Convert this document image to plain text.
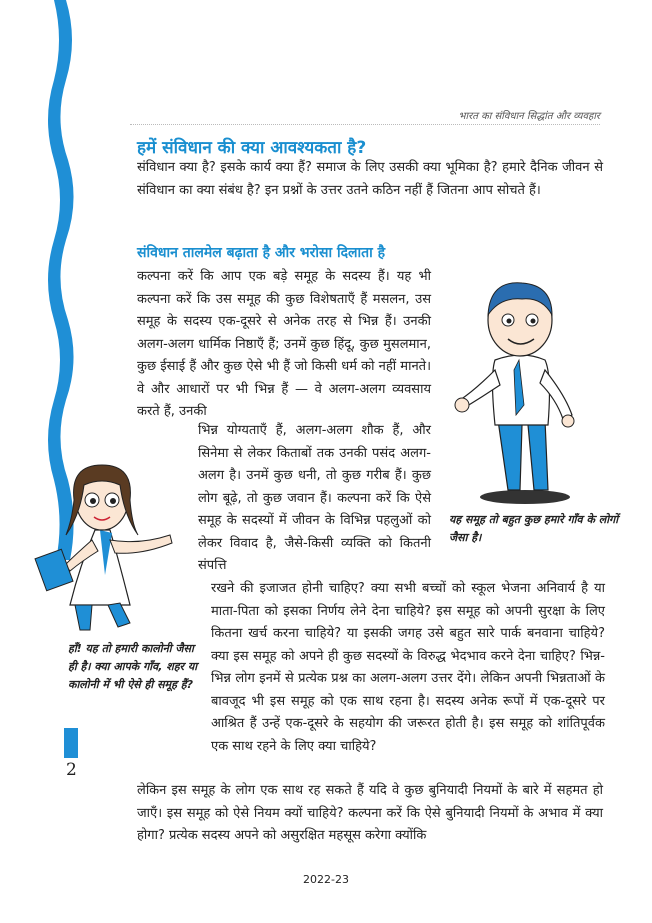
भारत का संविधान सिद्धांत और व्यवहार
हमें संविधान की क्या आवश्यकता है?
संविधान क्या है? इसके कार्य क्या हैं? समाज के लिए उसकी क्या भूमिका है? हमारे दैनिक जीवन से संविधान का क्या संबंध है? इन प्रश्नों के उत्तर उतने कठिन नहीं हैं जितना आप सोचते हैं।
संविधान तालमेल बढ़ाता है और भरोसा दिलाता है
कल्पना करें कि आप एक बड़े समूह के सदस्य हैं। यह भी कल्पना करें कि उस समूह की कुछ विशेषताएँ हैं मसलन, उस समूह के सदस्य एक-दूसरे से अनेक तरह से भिन्न हैं। उनकी अलग-अलग धार्मिक निष्ठाएँ हैं; उनमें कुछ हिंदू, कुछ मुसलमान, कुछ ईसाई हैं और कुछ ऐसे भी हैं जो किसी धर्म को नहीं मानते। वे और आधारों पर भी भिन्न हैं — वे अलग-अलग व्यवसाय करते हैं, उनकी
भिन्न योग्यताएँ हैं, अलग-अलग शौक हैं, और सिनेमा से लेकर किताबों तक उनकी पसंद अलग-अलग है। उनमें कुछ धनी, तो कुछ गरीब हैं। कुछ लोग बूढ़े, तो कुछ जवान हैं। कल्पना करें कि ऐसे समूह के सदस्यों में जीवन के विभिन्न पहलुओं को लेकर विवाद है, जैसे-किसी व्यक्ति को कितनी संपत्ति
रखने की इजाजत होनी चाहिए? क्या सभी बच्चों को स्कूल भेजना अनिवार्य है या माता-पिता को इसका निर्णय लेने देना चाहिये? इस समूह को अपनी सुरक्षा के लिए कितना खर्च करना चाहिये? या इसकी जगह उसे बहुत सारे पार्क बनवाना चाहिये? क्या इस समूह को अपने ही कुछ सदस्यों के विरुद्ध भेदभाव करने देना चाहिए? भिन्न-भिन्न लोग इनमें से प्रत्येक प्रश्न का अलग-अलग उत्तर देंगे। लेकिन अपनी भिन्नताओं के बावजूद भी इस समूह को एक साथ रहना है। सदस्य अनेक रूपों में एक-दूसरे पर आश्रित हैं उन्हें एक-दूसरे के सहयोग की जरूरत होती है। इस समूह को शांतिपूर्वक एक साथ रहने के लिए क्या चाहिये?
लेकिन इस समूह के लोग एक साथ रह सकते हैं यदि वे कुछ बुनियादी नियमों के बारे में सहमत हो जाएँ। इस समूह को ऐसे नियम क्यों चाहिये? कल्पना करें कि ऐसे बुनियादी नियमों के अभाव में क्या होगा? प्रत्येक सदस्य अपने को असुरक्षित महसूस करेगा क्योंकि
यह समूह तो बहुत कुछ हमारे गाँव के लोगों जैसा है।
हाँ! यह तो हमारी कालोनी जैसा ही है। क्या आपके गाँव, शहर या कालोनी में भी ऐसे ही समूह हैं?
2
2022-23
